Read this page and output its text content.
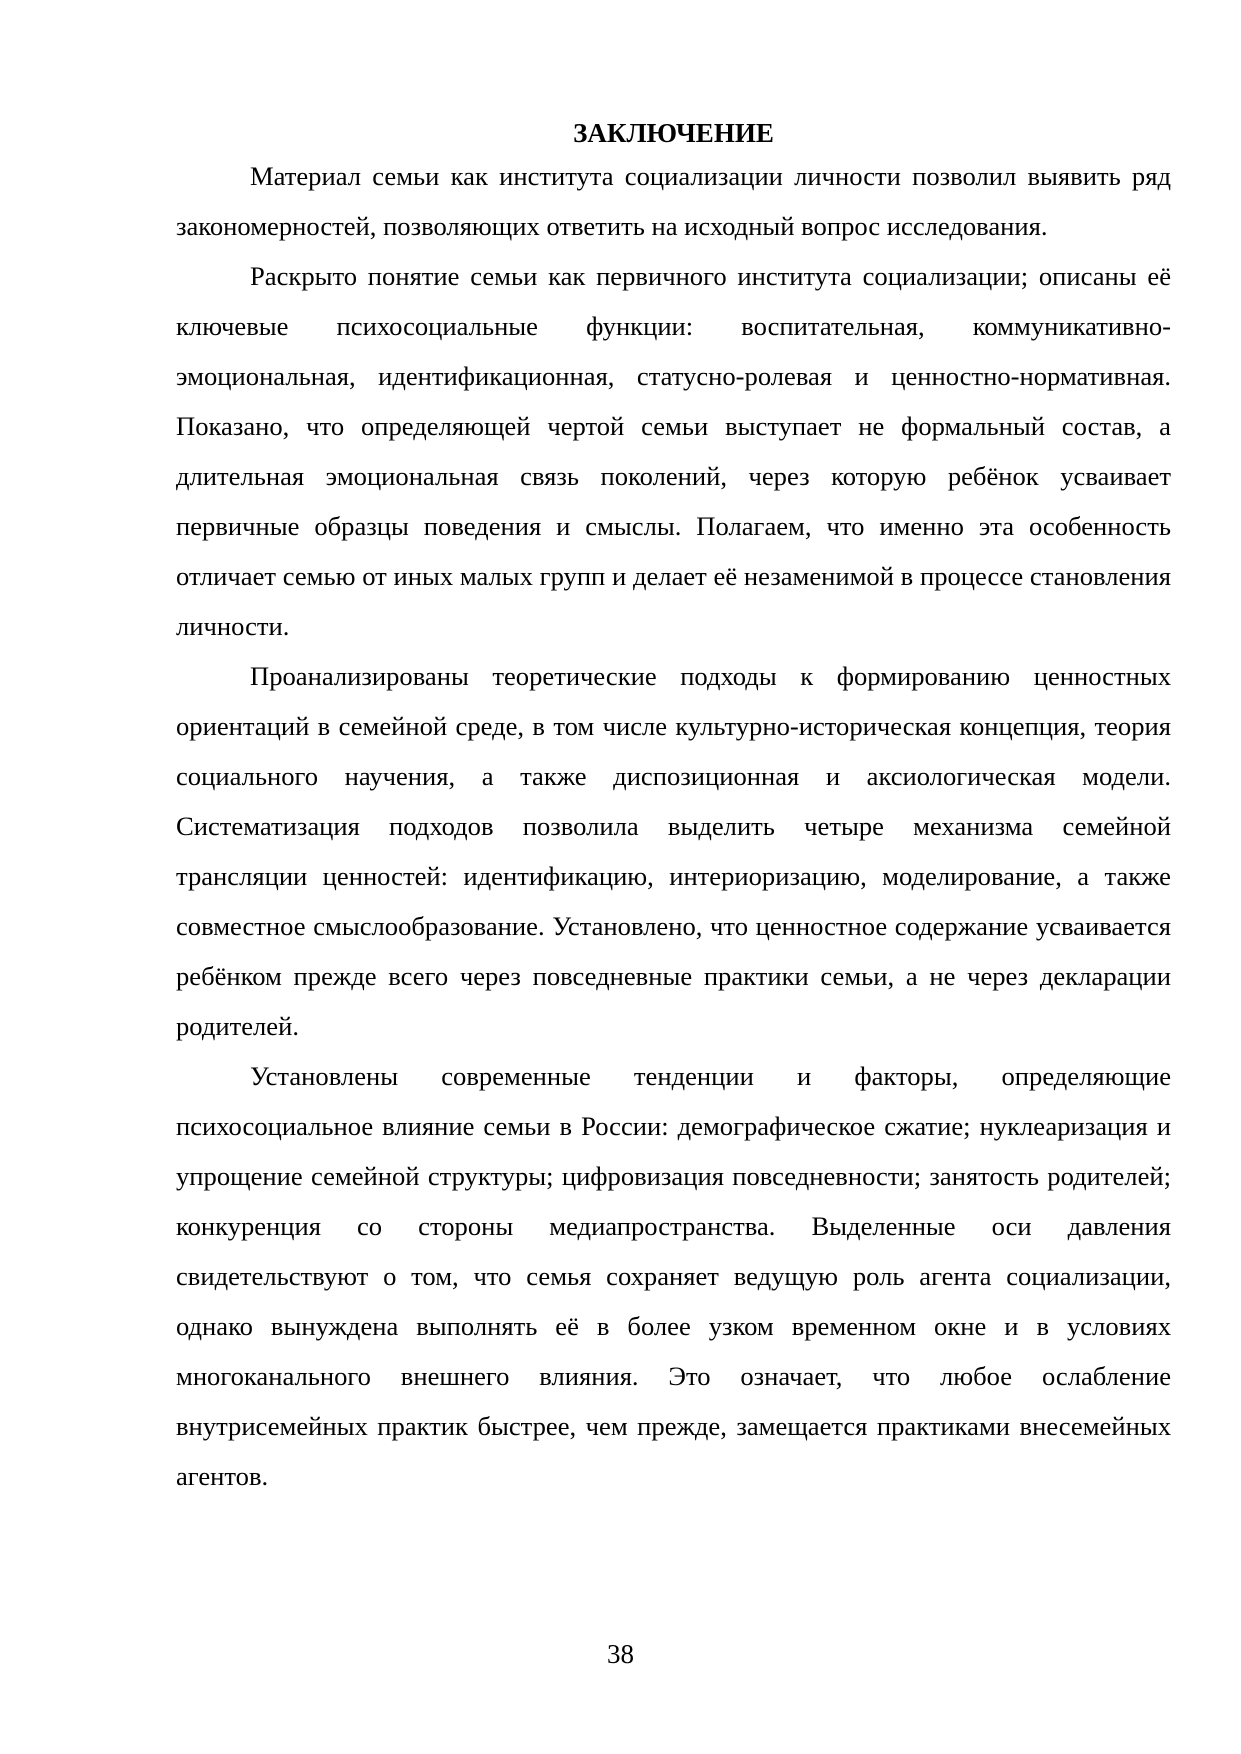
ЗАКЛЮЧЕНИЕ

Материал семьи как института социализации личности позволил выявить ряд закономерностей, позволяющих ответить на исходный вопрос исследования.

Раскрыто понятие семьи как первичного института социализации; описаны её ключевые психосоциальные функции: воспитательная, коммуникативно-эмоциональная, идентификационная, статусно-ролевая и ценностно-нормативная. Показано, что определяющей чертой семьи выступает не формальный состав, а длительная эмоциональная связь поколений, через которую ребёнок усваивает первичные образцы поведения и смыслы. Полагаем, что именно эта особенность отличает семью от иных малых групп и делает её незаменимой в процессе становления личности.

Проанализированы теоретические подходы к формированию ценностных ориентаций в семейной среде, в том числе культурно-историческая концепция, теория социального научения, а также диспозиционная и аксиологическая модели. Систематизация подходов позволила выделить четыре механизма семейной трансляции ценностей: идентификацию, интериоризацию, моделирование, а также совместное смыслообразование. Установлено, что ценностное содержание усваивается ребёнком прежде всего через повседневные практики семьи, а не через декларации родителей.

Установлены современные тенденции и факторы, определяющие психосоциальное влияние семьи в России: демографическое сжатие; нуклеаризация и упрощение семейной структуры; цифровизация повседневности; занятость родителей; конкуренция со стороны медиапространства. Выделенные оси давления свидетельствуют о том, что семья сохраняет ведущую роль агента социализации, однако вынуждена выполнять её в более узком временном окне и в условиях многоканального внешнего влияния. Это означает, что любое ослабление внутрисемейных практик быстрее, чем прежде, замещается практиками внесемейных агентов.

38
